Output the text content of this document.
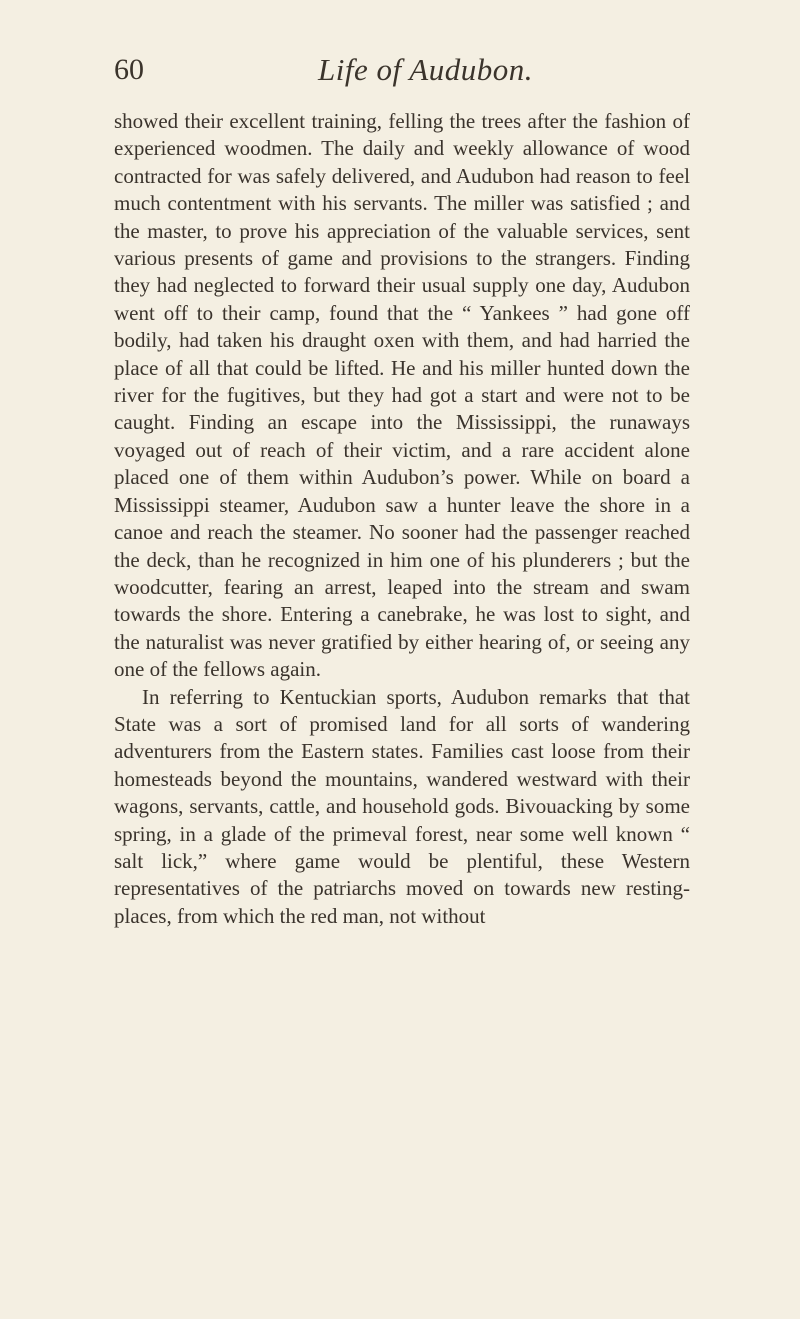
60	Life of Audubon.

showed their excellent training, felling the trees after the fashion of experienced woodmen. The daily and weekly allowance of wood contracted for was safely delivered, and Audubon had reason to feel much contentment with his servants. The miller was satisfied ; and the master, to prove his appreciation of the valuable services, sent various presents of game and provisions to the strangers. Finding they had neglected to forward their usual supply one day, Audubon went off to their camp, found that the “ Yankees ” had gone off bodily, had taken his draught oxen with them, and had harried the place of all that could be lifted. He and his miller hunted down the river for the fugitives, but they had got a start and were not to be caught. Finding an escape into the Mississippi, the runaways voyaged out of reach of their victim, and a rare accident alone placed one of them within Audubon’s power. While on board a Mississippi steamer, Audubon saw a hunter leave the shore in a canoe and reach the steamer. No sooner had the passenger reached the deck, than he recognized in him one of his plunderers ; but the woodcutter, fearing an arrest, leaped into the stream and swam towards the shore. Entering a canebrake, he was lost to sight, and the naturalist was never gratified by either hearing of, or seeing any one of the fellows again.

In referring to Kentuckian sports, Audubon remarks that that State was a sort of promised land for all sorts of wandering adventurers from the Eastern states. Families cast loose from their homesteads beyond the mountains, wandered westward with their wagons, servants, cattle, and household gods. Bivouacking by some spring, in a glade of the primeval forest, near some well known “ salt lick,” where game would be plentiful, these Western representatives of the patriarchs moved on towards new resting-places, from which the red man, not without
